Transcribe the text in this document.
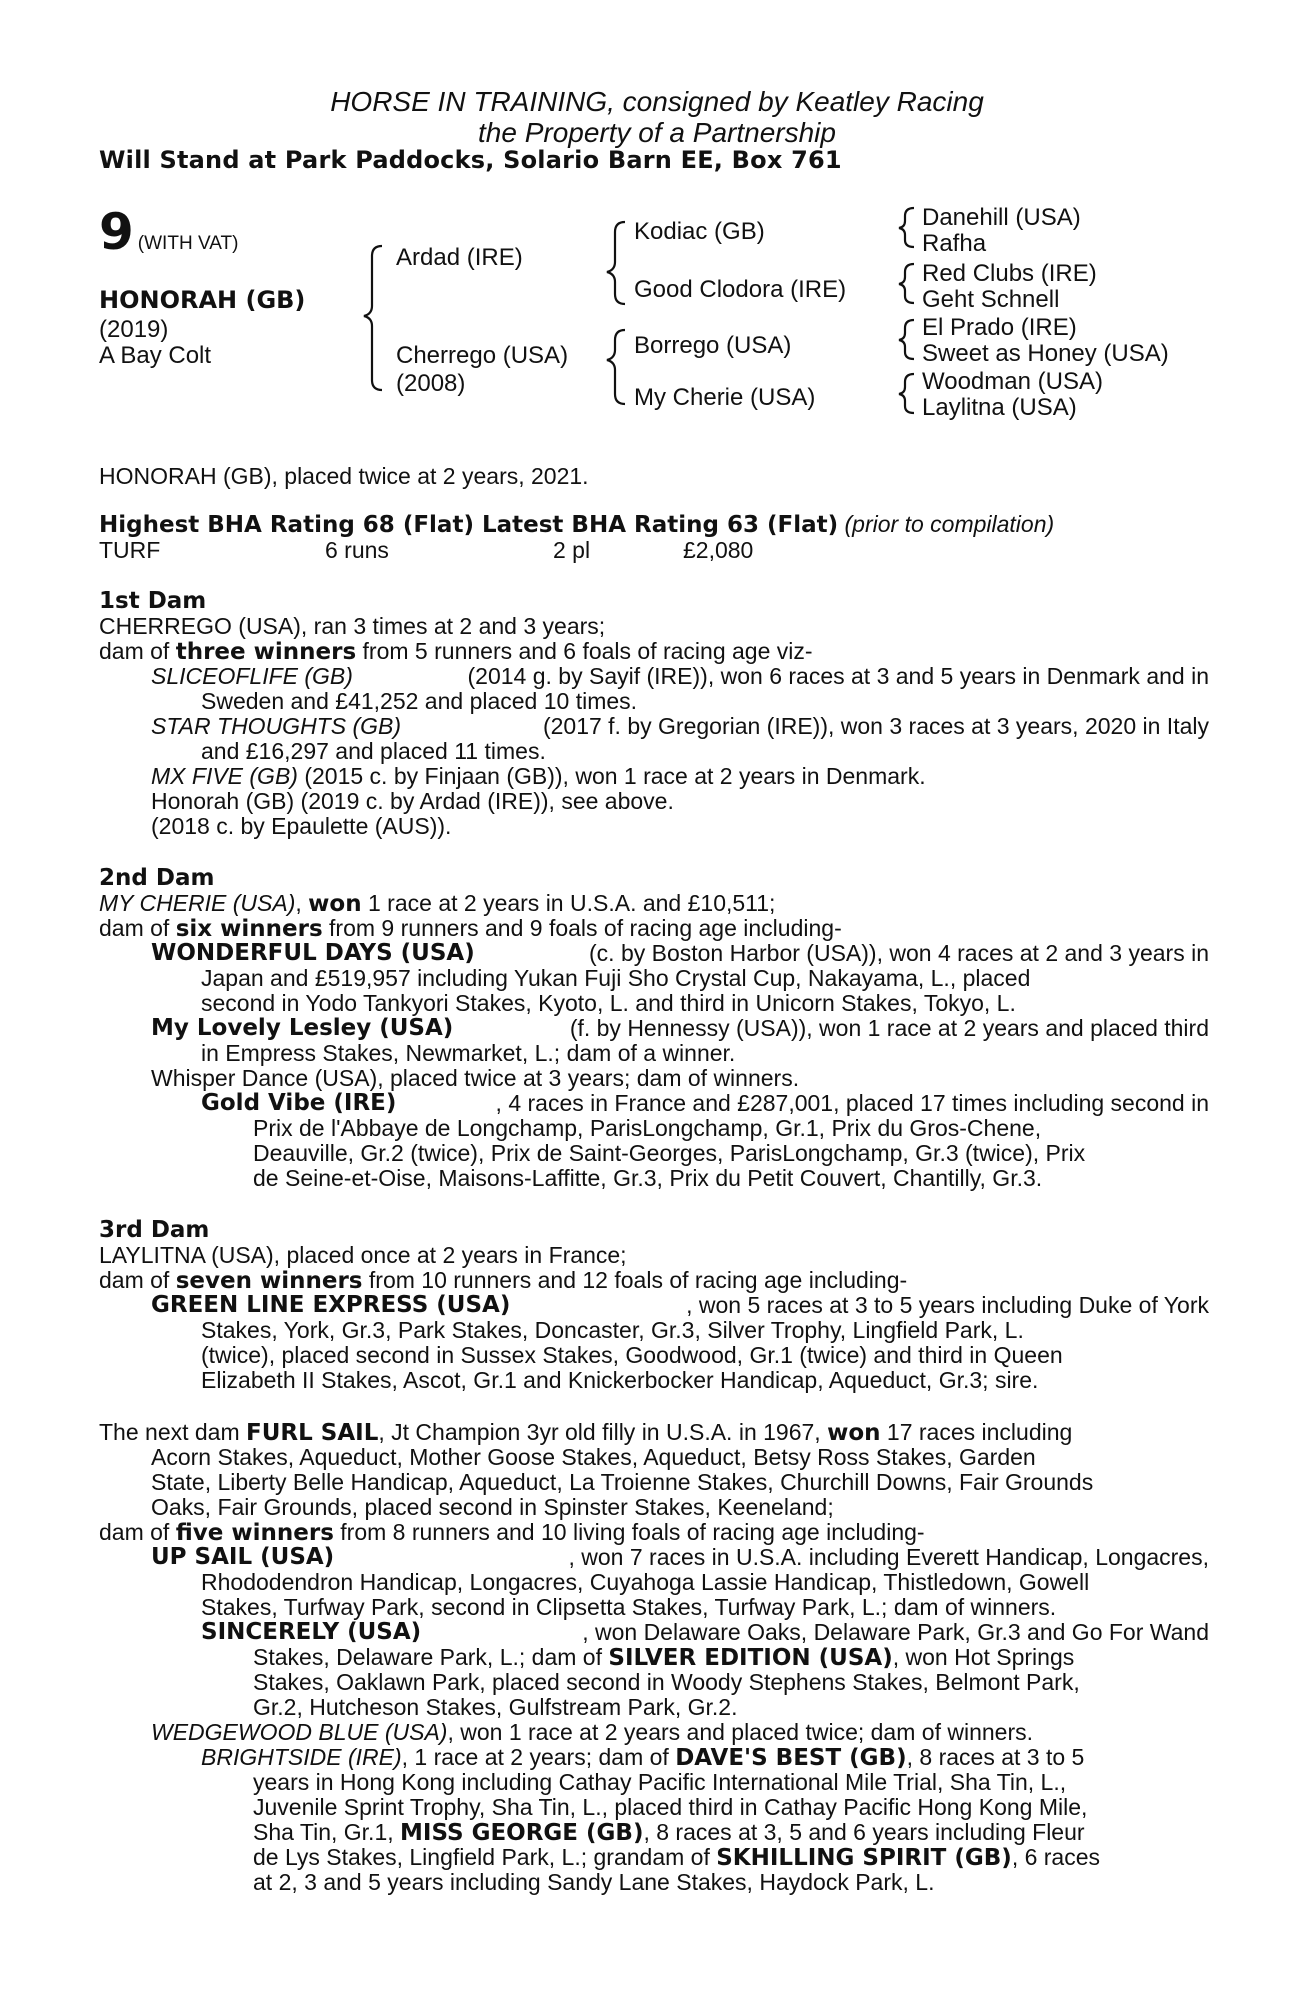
HORSE IN TRAINING, consigned by Keatley Racing
the Property of a Partnership
Will Stand at Park Paddocks, Solario Barn EE, Box 761
9 (WITH VAT)
HONORAH (GB)
(2019)
A Bay Colt
Ardad (IRE)
Cherrego (USA)
(2008)
Kodiac (GB)
Good Clodora (IRE)
Borrego (USA)
My Cherie (USA)
Danehill (USA)
Rafha
Red Clubs (IRE)
Geht Schnell
El Prado (IRE)
Sweet as Honey (USA)
Woodman (USA)
Laylitna (USA)
HONORAH (GB), placed twice at 2 years, 2021.
Highest BHA Rating 68 (Flat) Latest BHA Rating 63 (Flat) (prior to compilation)
TURF	6 runs	2 pl	£2,080
1st Dam
CHERREGO (USA), ran 3 times at 2 and 3 years;
dam of three winners from 5 runners and 6 foals of racing age viz-
SLICEOFLIFE (GB)	(2014 g. by Sayif (IRE)), won 6 races at 3 and 5 years in Denmark and in
Sweden and £41,252 and placed 10 times.
STAR THOUGHTS (GB)	(2017 f. by Gregorian (IRE)), won 3 races at 3 years, 2020 in Italy
and £16,297 and placed 11 times.
MX FIVE (GB) (2015 c. by Finjaan (GB)), won 1 race at 2 years in Denmark.
Honorah (GB) (2019 c. by Ardad (IRE)), see above.
(2018 c. by Epaulette (AUS)).
2nd Dam
MY CHERIE (USA), won 1 race at 2 years in U.S.A. and £10,511;
dam of six winners from 9 runners and 9 foals of racing age including-
WONDERFUL DAYS (USA)	(c. by Boston Harbor (USA)), won 4 races at 2 and 3 years in
Japan and £519,957 including Yukan Fuji Sho Crystal Cup, Nakayama, L., placed
second in Yodo Tankyori Stakes, Kyoto, L. and third in Unicorn Stakes, Tokyo, L.
My Lovely Lesley (USA)	(f. by Hennessy (USA)), won 1 race at 2 years and placed third
in Empress Stakes, Newmarket, L.; dam of a winner.
Whisper Dance (USA), placed twice at 3 years; dam of winners.
Gold Vibe (IRE)	, 4 races in France and £287,001, placed 17 times including second in
Prix de l'Abbaye de Longchamp, ParisLongchamp, Gr.1, Prix du Gros-Chene,
Deauville, Gr.2 (twice), Prix de Saint-Georges, ParisLongchamp, Gr.3 (twice), Prix
de Seine-et-Oise, Maisons-Laffitte, Gr.3, Prix du Petit Couvert, Chantilly, Gr.3.
3rd Dam
LAYLITNA (USA), placed once at 2 years in France;
dam of seven winners from 10 runners and 12 foals of racing age including-
GREEN LINE EXPRESS (USA)	, won 5 races at 3 to 5 years including Duke of York
Stakes, York, Gr.3, Park Stakes, Doncaster, Gr.3, Silver Trophy, Lingfield Park, L.
(twice), placed second in Sussex Stakes, Goodwood, Gr.1 (twice) and third in Queen
Elizabeth II Stakes, Ascot, Gr.1 and Knickerbocker Handicap, Aqueduct, Gr.3; sire.
The next dam FURL SAIL, Jt Champion 3yr old filly in U.S.A. in 1967, won 17 races including
Acorn Stakes, Aqueduct, Mother Goose Stakes, Aqueduct, Betsy Ross Stakes, Garden
State, Liberty Belle Handicap, Aqueduct, La Troienne Stakes, Churchill Downs, Fair Grounds
Oaks, Fair Grounds, placed second in Spinster Stakes, Keeneland;
dam of five winners from 8 runners and 10 living foals of racing age including-
UP SAIL (USA)	, won 7 races in U.S.A. including Everett Handicap, Longacres,
Rhododendron Handicap, Longacres, Cuyahoga Lassie Handicap, Thistledown, Gowell
Stakes, Turfway Park, second in Clipsetta Stakes, Turfway Park, L.; dam of winners.
SINCERELY (USA)	, won Delaware Oaks, Delaware Park, Gr.3 and Go For Wand
Stakes, Delaware Park, L.; dam of SILVER EDITION (USA), won Hot Springs
Stakes, Oaklawn Park, placed second in Woody Stephens Stakes, Belmont Park,
Gr.2, Hutcheson Stakes, Gulfstream Park, Gr.2.
WEDGEWOOD BLUE (USA), won 1 race at 2 years and placed twice; dam of winners.
BRIGHTSIDE (IRE), 1 race at 2 years; dam of DAVE'S BEST (GB), 8 races at 3 to 5
years in Hong Kong including Cathay Pacific International Mile Trial, Sha Tin, L.,
Juvenile Sprint Trophy, Sha Tin, L., placed third in Cathay Pacific Hong Kong Mile,
Sha Tin, Gr.1, MISS GEORGE (GB), 8 races at 3, 5 and 6 years including Fleur
de Lys Stakes, Lingfield Park, L.; grandam of SKHILLING SPIRIT (GB), 6 races
at 2, 3 and 5 years including Sandy Lane Stakes, Haydock Park, L.
